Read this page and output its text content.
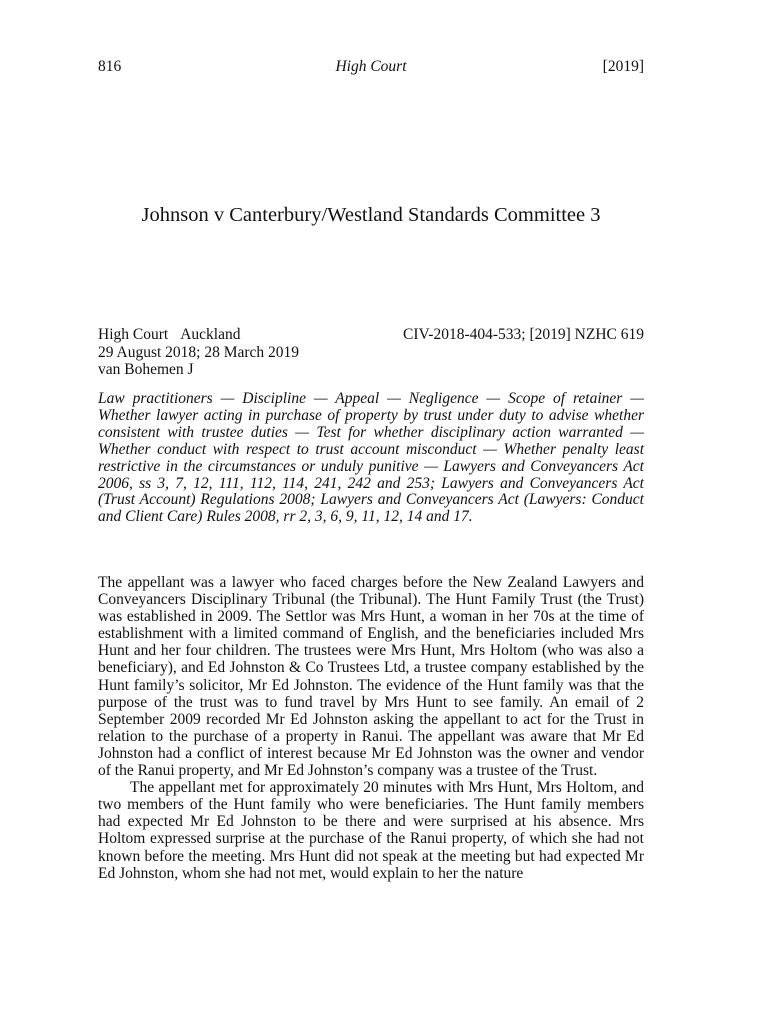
816	High Court	[2019]
Johnson v Canterbury/Westland Standards Committee 3
High Court Auckland	CIV-2018-404-533; [2019] NZHC 619
29 August 2018; 28 March 2019
van Bohemen J
Law practitioners — Discipline — Appeal — Negligence — Scope of retainer — Whether lawyer acting in purchase of property by trust under duty to advise whether consistent with trustee duties — Test for whether disciplinary action warranted — Whether conduct with respect to trust account misconduct — Whether penalty least restrictive in the circumstances or unduly punitive — Lawyers and Conveyancers Act 2006, ss 3, 7, 12, 111, 112, 114, 241, 242 and 253; Lawyers and Conveyancers Act (Trust Account) Regulations 2008; Lawyers and Conveyancers Act (Lawyers: Conduct and Client Care) Rules 2008, rr 2, 3, 6, 9, 11, 12, 14 and 17.

The appellant was a lawyer who faced charges before the New Zealand Lawyers and Conveyancers Disciplinary Tribunal (the Tribunal). The Hunt Family Trust (the Trust) was established in 2009. The Settlor was Mrs Hunt, a woman in her 70s at the time of establishment with a limited command of English, and the beneficiaries included Mrs Hunt and her four children. The trustees were Mrs Hunt, Mrs Holtom (who was also a beneficiary), and Ed Johnston & Co Trustees Ltd, a trustee company established by the Hunt family’s solicitor, Mr Ed Johnston. The evidence of the Hunt family was that the purpose of the trust was to fund travel by Mrs Hunt to see family. An email of 2 September 2009 recorded Mr Ed Johnston asking the appellant to act for the Trust in relation to the purchase of a property in Ranui. The appellant was aware that Mr Ed Johnston had a conflict of interest because Mr Ed Johnston was the owner and vendor of the Ranui property, and Mr Ed Johnston’s company was a trustee of the Trust.

The appellant met for approximately 20 minutes with Mrs Hunt, Mrs Holtom, and two members of the Hunt family who were beneficiaries. The Hunt family members had expected Mr Ed Johnston to be there and were surprised at his absence. Mrs Holtom expressed surprise at the purchase of the Ranui property, of which she had not known before the meeting. Mrs Hunt did not speak at the meeting but had expected Mr Ed Johnston, whom she had not met, would explain to her the nature
